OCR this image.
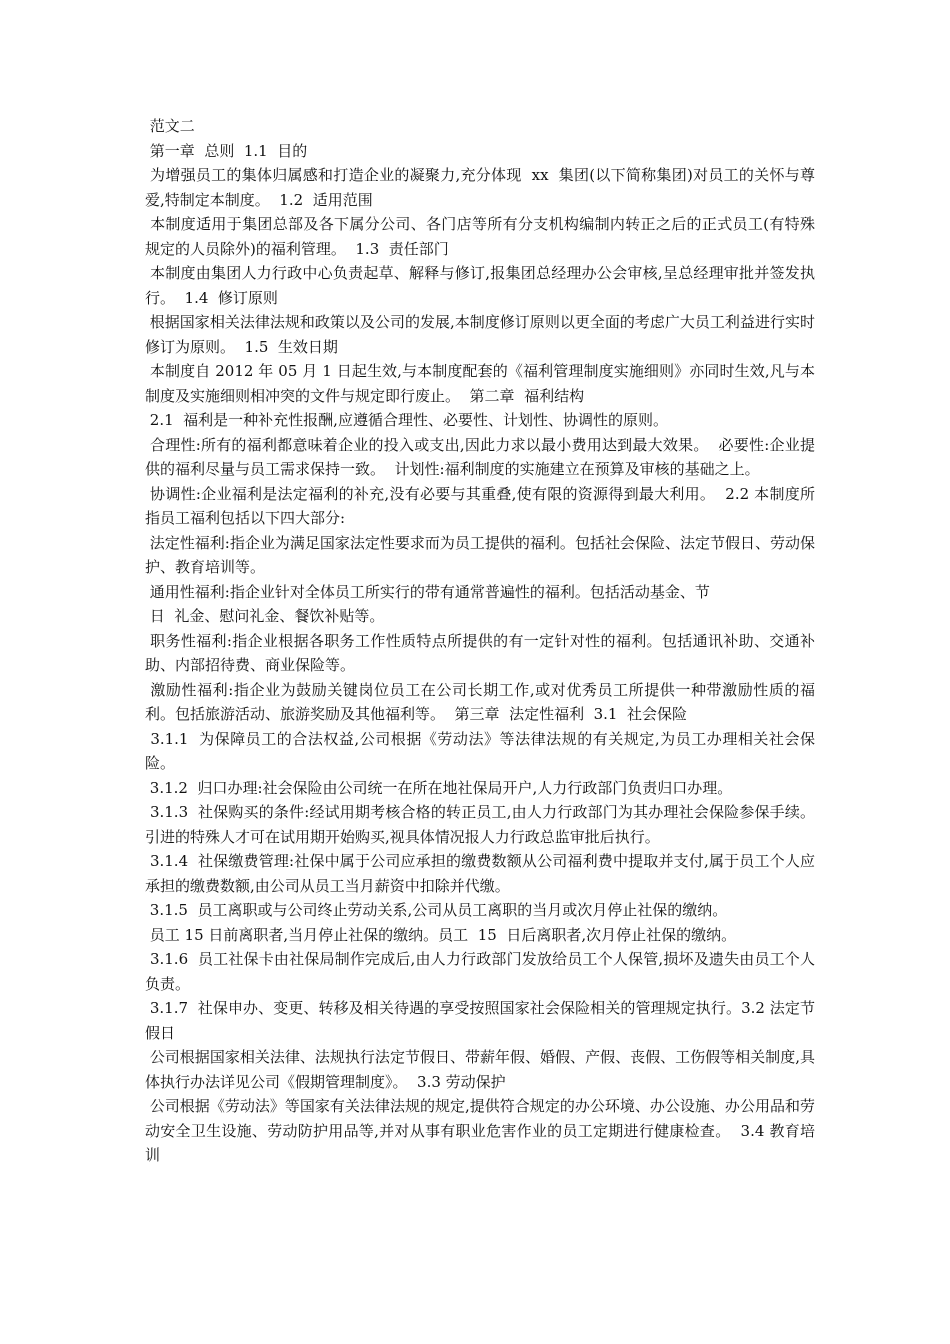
范文二

第一章  总则  1.1  目的

为增强员工的集体归属感和打造企业的凝聚力,充分体现  xx  集团(以下简称集团)对员工的关怀与尊爱,特制定本制度。  1.2  适用范围

本制度适用于集团总部及各下属分公司、各门店等所有分支机构编制内转正之后的正式员工(有特殊规定的人员除外)的福利管理。  1.3  责任部门

本制度由集团人力行政中心负责起草、解释与修订,报集团总经理办公会审核,呈总经理审批并签发执行。  1.4  修订原则

根据国家相关法律法规和政策以及公司的发展,本制度修订原则以更全面的考虑广大员工利益进行实时修订为原则。  1.5  生效日期

本制度自 2012 年 05 月 1 日起生效,与本制度配套的《福利管理制度实施细则》亦同时生效,凡与本制度及实施细则相冲突的文件与规定即行废止。  第二章  福利结构

2.1  福利是一种补充性报酬,应遵循合理性、必要性、计划性、协调性的原则。

合理性:所有的福利都意味着企业的投入或支出,因此力求以最小费用达到最大效果。  必要性:企业提供的福利尽量与员工需求保持一致。  计划性:福利制度的实施建立在预算及审核的基础之上。

协调性:企业福利是法定福利的补充,没有必要与其重叠,使有限的资源得到最大利用。  2.2 本制度所指员工福利包括以下四大部分:

法定性福利:指企业为满足国家法定性要求而为员工提供的福利。包括社会保险、法定节假日、劳动保护、教育培训等。

通用性福利:指企业针对全体员工所实行的带有通常普遍性的福利。包括活动基金、节
日  礼金、慰问礼金、餐饮补贴等。

职务性福利:指企业根据各职务工作性质特点所提供的有一定针对性的福利。包括通讯补助、交通补助、内部招待费、商业保险等。

激励性福利:指企业为鼓励关键岗位员工在公司长期工作,或对优秀员工所提供一种带激励性质的福利。包括旅游活动、旅游奖励及其他福利等。  第三章  法定性福利  3.1  社会保险

3.1.1  为保障员工的合法权益,公司根据《劳动法》等法律法规的有关规定,为员工办理相关社会保险。

3.1.2  归口办理:社会保险由公司统一在所在地社保局开户,人力行政部门负责归口办理。

3.1.3  社保购买的条件:经试用期考核合格的转正员工,由人力行政部门为其办理社会保险参保手续。引进的特殊人才可在试用期开始购买,视具体情况报人力行政总监审批后执行。

3.1.4  社保缴费管理:社保中属于公司应承担的缴费数额从公司福利费中提取并支付,属于员工个人应承担的缴费数额,由公司从员工当月薪资中扣除并代缴。

3.1.5  员工离职或与公司终止劳动关系,公司从员工离职的当月或次月停止社保的缴纳。

员工 15 日前离职者,当月停止社保的缴纳。员工  15  日后离职者,次月停止社保的缴纳。

3.1.6  员工社保卡由社保局制作完成后,由人力行政部门发放给员工个人保管,损坏及遗失由员工个人负责。

3.1.7  社保申办、变更、转移及相关待遇的享受按照国家社会保险相关的管理规定执行。3.2 法定节假日

公司根据国家相关法律、法规执行法定节假日、带薪年假、婚假、产假、丧假、工伤假等相关制度,具体执行办法详见公司《假期管理制度》。  3.3 劳动保护

公司根据《劳动法》等国家有关法律法规的规定,提供符合规定的办公环境、办公设施、办公用品和劳动安全卫生设施、劳动防护用品等,并对从事有职业危害作业的员工定期进行健康检查。  3.4 教育培训
